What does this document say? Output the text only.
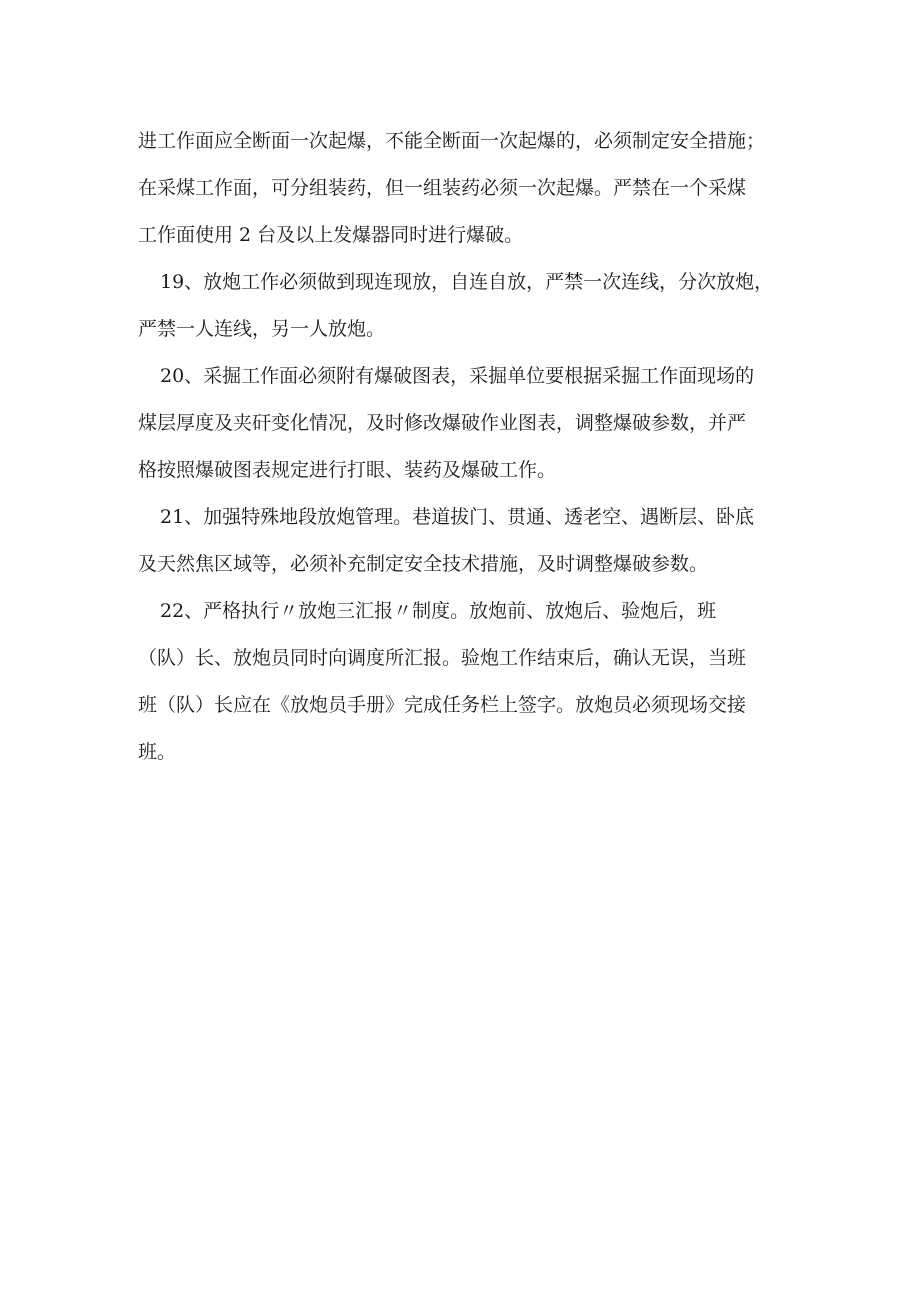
进工作面应全断面一次起爆，不能全断面一次起爆的，必须制定安全措施；
在采煤工作面，可分组装药，但一组装药必须一次起爆。严禁在一个采煤
工作面使用 2 台及以上发爆器同时进行爆破。
19、放炮工作必须做到现连现放，自连自放，严禁一次连线，分次放炮，
严禁一人连线，另一人放炮。
20、采掘工作面必须附有爆破图表，采掘单位要根据采掘工作面现场的
煤层厚度及夹矸变化情况，及时修改爆破作业图表，调整爆破参数，并严
格按照爆破图表规定进行打眼、装药及爆破工作。
21、加强特殊地段放炮管理。巷道拔门、贯通、透老空、遇断层、卧底
及天然焦区域等，必须补充制定安全技术措施，及时调整爆破参数。
22、严格执行〃放炮三汇报〃制度。放炮前、放炮后、验炮后，班
（队）长、放炮员同时向调度所汇报。验炮工作结束后，确认无误，当班
班（队）长应在《放炮员手册》完成任务栏上签字。放炮员必须现场交接
班。
